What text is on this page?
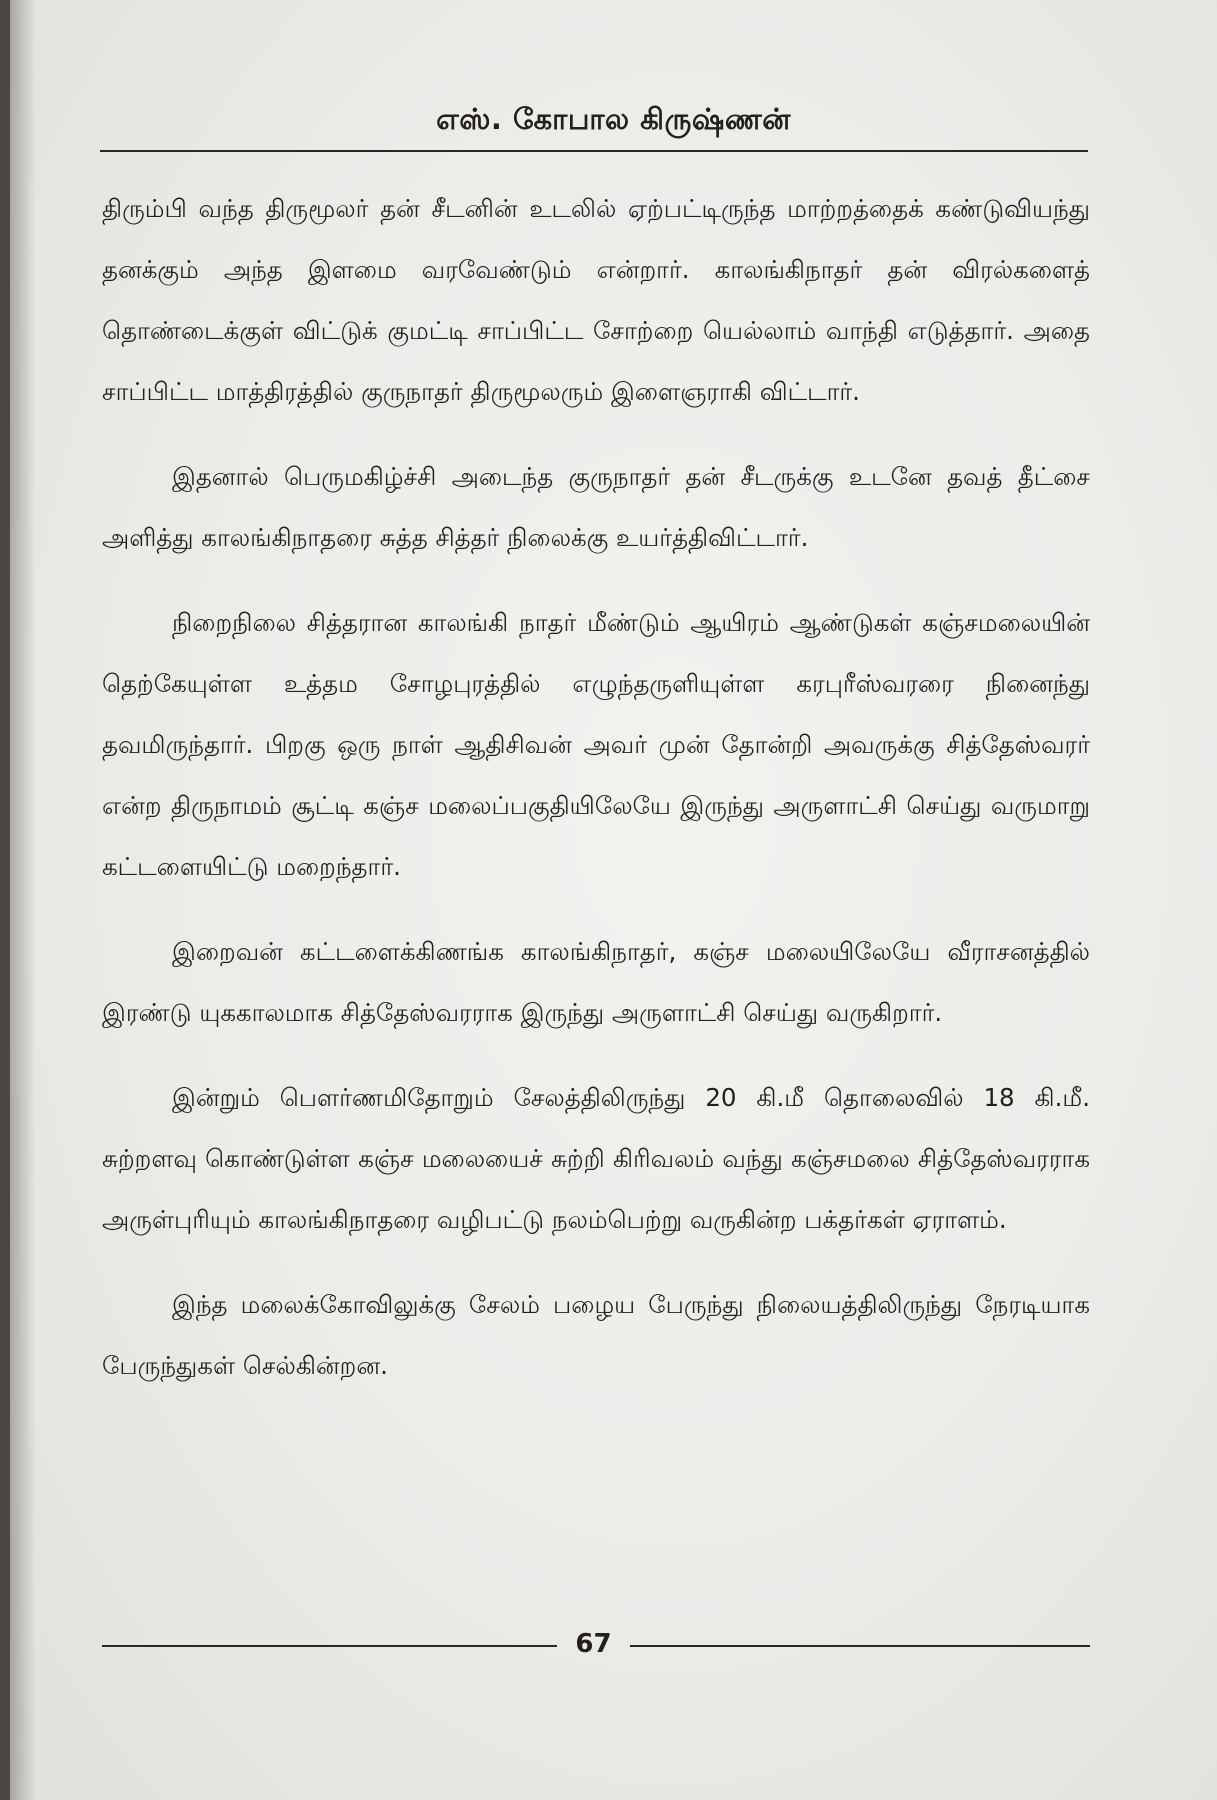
எஸ். கோபால கிருஷ்ணன்

திரும்பி வந்த திருமூலர் தன் சீடனின் உடலில் ஏற்பட்டிருந்த மாற்றத்தைக் கண்டுவியந்து தனக்கும் அந்த இளமை வரவேண்டும் என்றார். காலங்கிநாதர் தன் விரல்களைத் தொண்டைக்குள் விட்டுக் குமட்டி சாப்பிட்ட சோற்றை யெல்லாம் வாந்தி எடுத்தார். அதை சாப்பிட்ட மாத்திரத்தில் குருநாதர் திருமூலரும் இளைஞராகி விட்டார்.

இதனால் பெருமகிழ்ச்சி அடைந்த குருநாதர் தன் சீடருக்கு உடனே தவத் தீட்சை அளித்து காலங்கிநாதரை சுத்த சித்தர் நிலைக்கு உயர்த்திவிட்டார்.

நிறைநிலை சித்தரான காலங்கி நாதர் மீண்டும் ஆயிரம் ஆண்டுகள் கஞ்சமலையின் தெற்கேயுள்ள உத்தம சோழபுரத்தில் எழுந்தருளியுள்ள கரபுரீஸ்வரரை நினைந்து தவமிருந்தார். பிறகு ஒரு நாள் ஆதிசிவன் அவர் முன் தோன்றி அவருக்கு சித்தேஸ்வரர் என்ற திருநாமம் சூட்டி கஞ்ச மலைப்பகுதியிலேயே இருந்து அருளாட்சி செய்து வருமாறு கட்டளையிட்டு மறைந்தார்.

இறைவன் கட்டளைக்கிணங்க காலங்கிநாதர், கஞ்ச மலையிலேயே வீராசனத்தில் இரண்டு யுககாலமாக சித்தேஸ்வரராக இருந்து அருளாட்சி செய்து வருகிறார்.

இன்றும் பௌர்ணமிதோறும் சேலத்திலிருந்து 20 கி.மீ தொலைவில் 18 கி.மீ. சுற்றளவு கொண்டுள்ள கஞ்ச மலையைச் சுற்றி கிரிவலம் வந்து கஞ்சமலை சித்தேஸ்வரராக அருள்புரியும் காலங்கிநாதரை வழிபட்டு நலம்பெற்று வருகின்ற பக்தர்கள் ஏராளம்.

இந்த மலைக்கோவிலுக்கு சேலம் பழைய பேருந்து நிலையத்திலிருந்து நேரடியாக பேருந்துகள் செல்கின்றன.

67
